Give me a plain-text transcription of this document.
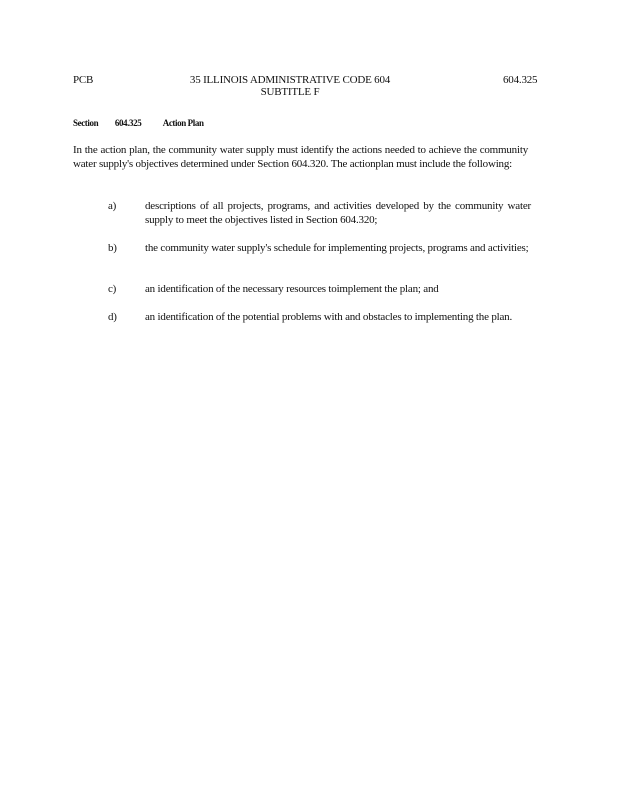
PCB	35 ILLINOIS ADMINISTRATIVE CODE 604
SUBTITLE F
604.325
Section 604.325 Action Plan
In the action plan, the community water supply must identify the actions needed to achieve the community water supply's objectives determined under Section 604.320. The actionplan must include the following:
a)	descriptions of all projects, programs, and activities developed by the community water supply to meet the objectives listed in Section 604.320;
b)	the community water supply's schedule for implementing projects, programs and activities;
c)	an identification of the necessary resources toimplement the plan; and
d)	an identification of the potential problems with and obstacles to implementing the plan.
